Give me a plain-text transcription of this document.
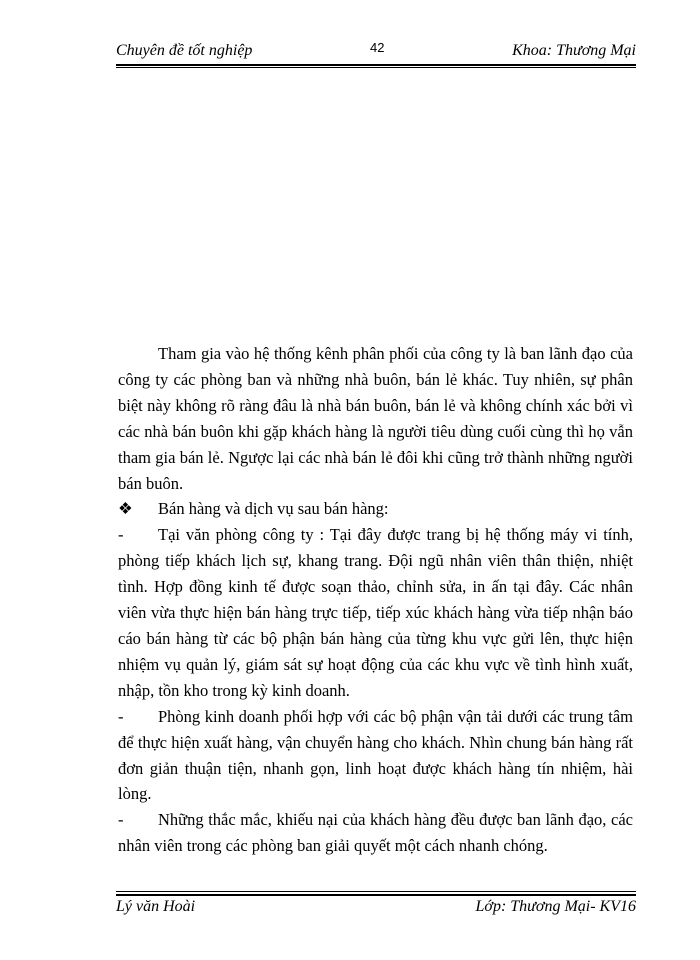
Chuyên đề tốt nghiệp	42	Khoa: Thương Mại

Tham gia vào hệ thống kênh phân phối của công ty là ban lãnh đạo của công ty các phòng ban và những nhà buôn, bán lẻ khác. Tuy nhiên, sự phân biệt này không rõ ràng đâu là nhà bán buôn, bán lẻ và không chính xác bởi vì các nhà bán buôn khi gặp khách hàng là người tiêu dùng cuối cùng thì họ vẫn tham gia bán lẻ. Ngược lại các nhà bán lẻ đôi khi cũng trở thành những người bán buôn.

❖	Bán hàng và dịch vụ sau bán hàng:

- Tại văn phòng công ty : Tại đây được trang bị hệ thống máy vi tính, phòng tiếp khách lịch sự, khang trang. Đội ngũ nhân viên thân thiện, nhiệt tình. Hợp đồng kinh tế được soạn thảo, chỉnh sửa, in ấn tại đây. Các nhân viên vừa thực hiện bán hàng trực tiếp, tiếp xúc khách hàng vừa tiếp nhận báo cáo bán hàng từ các bộ phận bán hàng của từng khu vực gửi lên, thực hiện nhiệm vụ quản lý, giám sát sự hoạt động của các khu vực về tình hình xuất, nhập, tồn kho trong kỳ kinh doanh.

- Phòng kinh doanh phối hợp với các bộ phận vận tải dưới các trung tâm để thực hiện xuất hàng, vận chuyển hàng cho khách. Nhìn chung bán hàng rất đơn giản thuận tiện, nhanh gọn, linh hoạt được khách hàng tín nhiệm, hài lòng.

- Những thắc mắc, khiếu nại của khách hàng đều được ban lãnh đạo, các nhân viên trong các phòng ban giải quyết một cách nhanh chóng.

Lý văn Hoài	Lớp: Thương Mại- KV16
